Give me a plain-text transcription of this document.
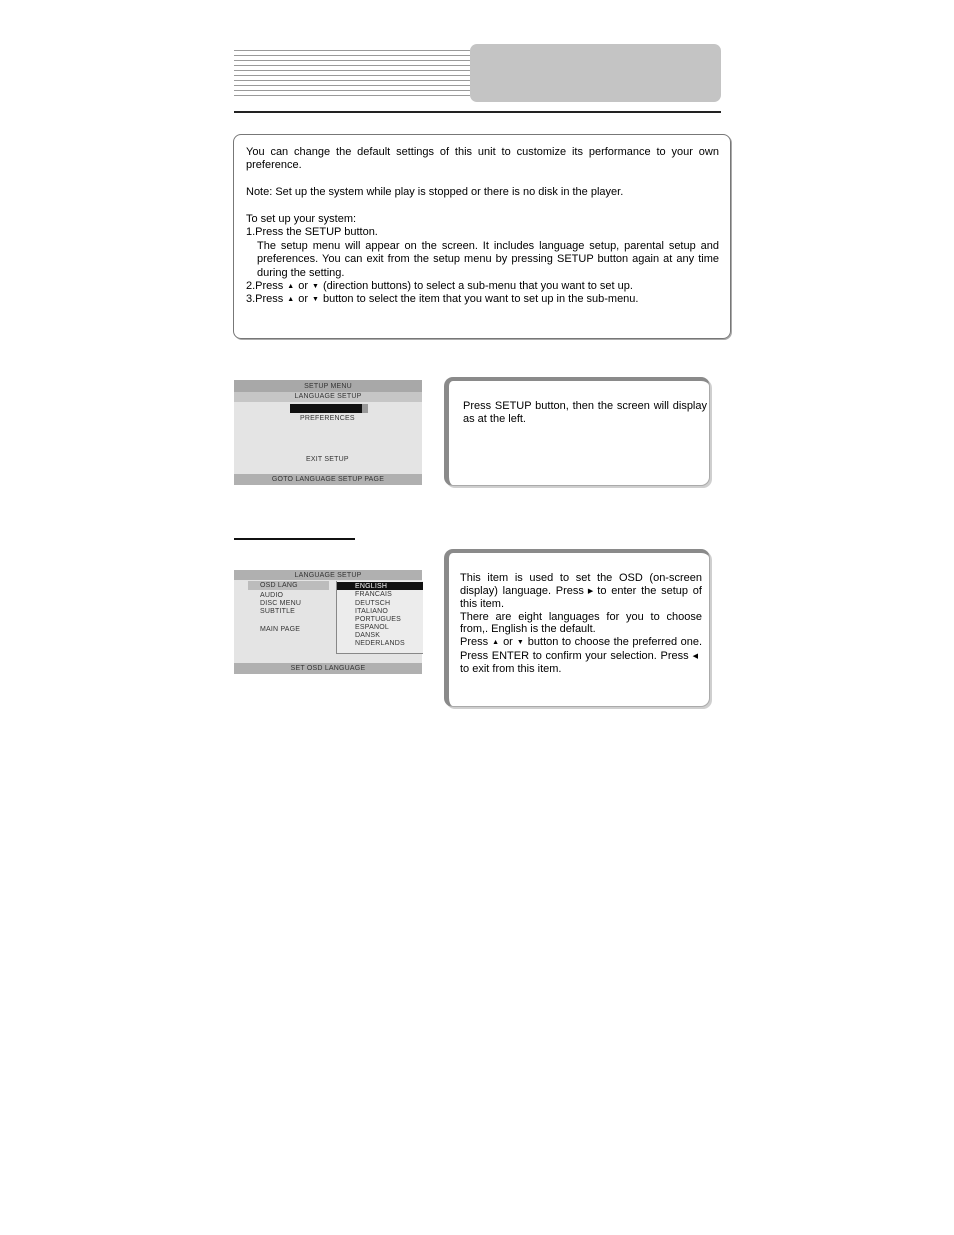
You can change the default settings of this unit to customize its performance to your own preference.

Note: Set up the system while play is stopped or there is no disk in the player.

To set up your system:

1.Press the SETUP button.

The setup menu will appear on the screen. It includes language setup, parental setup and preferences. You can exit from the setup menu by pressing SETUP button again at any time during the setting.

2.Press ▲ or ▼ (direction buttons) to select a sub-menu that you want to set up.

3.Press ▲ or ▼ button to select the item that you want to set up in the sub-menu.

SETUP MENU
LANGUAGE SETUP
PREFERENCES
EXIT SETUP
GOTO LANGUAGE SETUP PAGE

Press SETUP button, then the screen will display as at the left.

LANGUAGE SETUP
OSD LANG
AUDIO
DISC MENU
SUBTITLE
MAIN PAGE
ENGLISH
FRANCAIS
DEUTSCH
ITALIANO
PORTUGUES
ESPANOL
DANSK
NEDERLANDS
SET OSD LANGUAGE

This item is used to set the OSD (on-screen display) language. Press ▶ to enter the setup of this item.

There are eight languages for you to choose from,. English is the default.

Press ▲ or ▼ button to choose the preferred one. Press ENTER to confirm your selection. Press ◀to exit from this item.
